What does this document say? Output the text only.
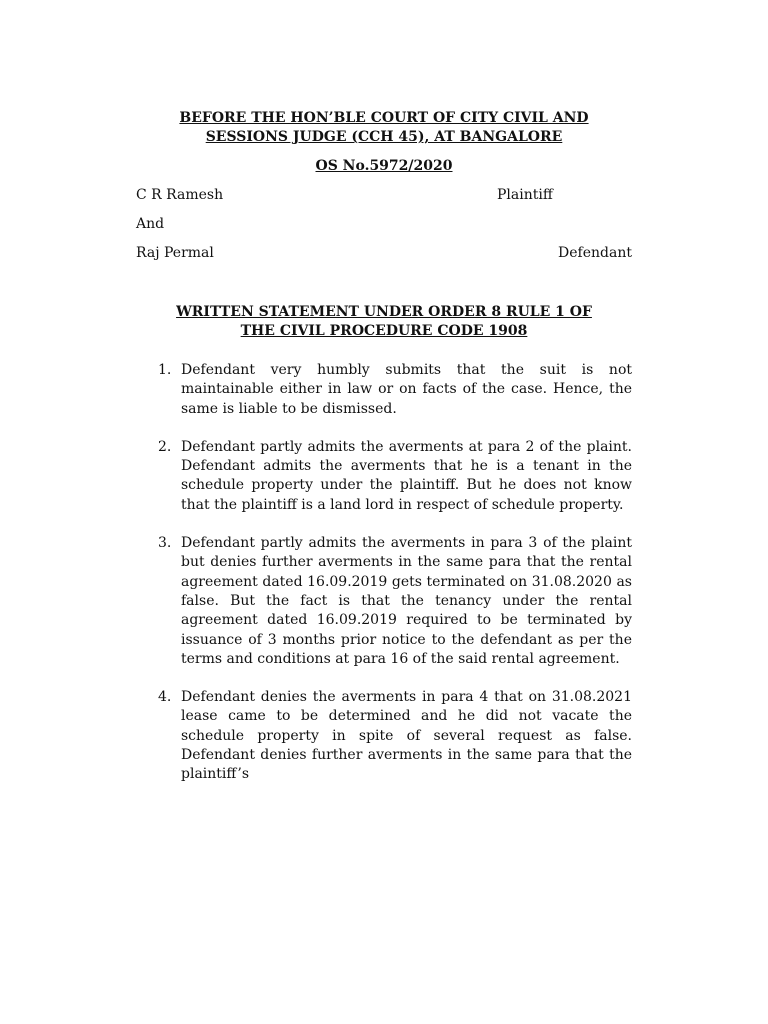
BEFORE THE HON’BLE COURT OF CITY CIVIL AND
SESSIONS JUDGE (CCH 45), AT BANGALORE
OS No.5972/2020
C R Ramesh	Plaintiff
And
Raj Permal	Defendant
WRITTEN STATEMENT UNDER ORDER 8 RULE 1 OF
THE CIVIL PROCEDURE CODE 1908
1. Defendant very humbly submits that the suit is not maintainable either in law or on facts of the case. Hence, the same is liable to be dismissed.
2. Defendant partly admits the averments at para 2 of the plaint. Defendant admits the averments that he is a tenant in the schedule property under the plaintiff. But he does not know that the plaintiff is a land lord in respect of schedule property.
3. Defendant partly admits the averments in para 3 of the plaint but denies further averments in the same para that the rental agreement dated 16.09.2019 gets terminated on 31.08.2020 as false. But the fact is that the tenancy under the rental agreement dated 16.09.2019 required to be terminated by issuance of 3 months prior notice to the defendant as per the terms and conditions at para 16 of the said rental agreement.
4. Defendant denies the averments in para 4 that on 31.08.2021 lease came to be determined and he did not vacate the schedule property in spite of several request as false. Defendant denies further averments in the same para that the plaintiff’s
